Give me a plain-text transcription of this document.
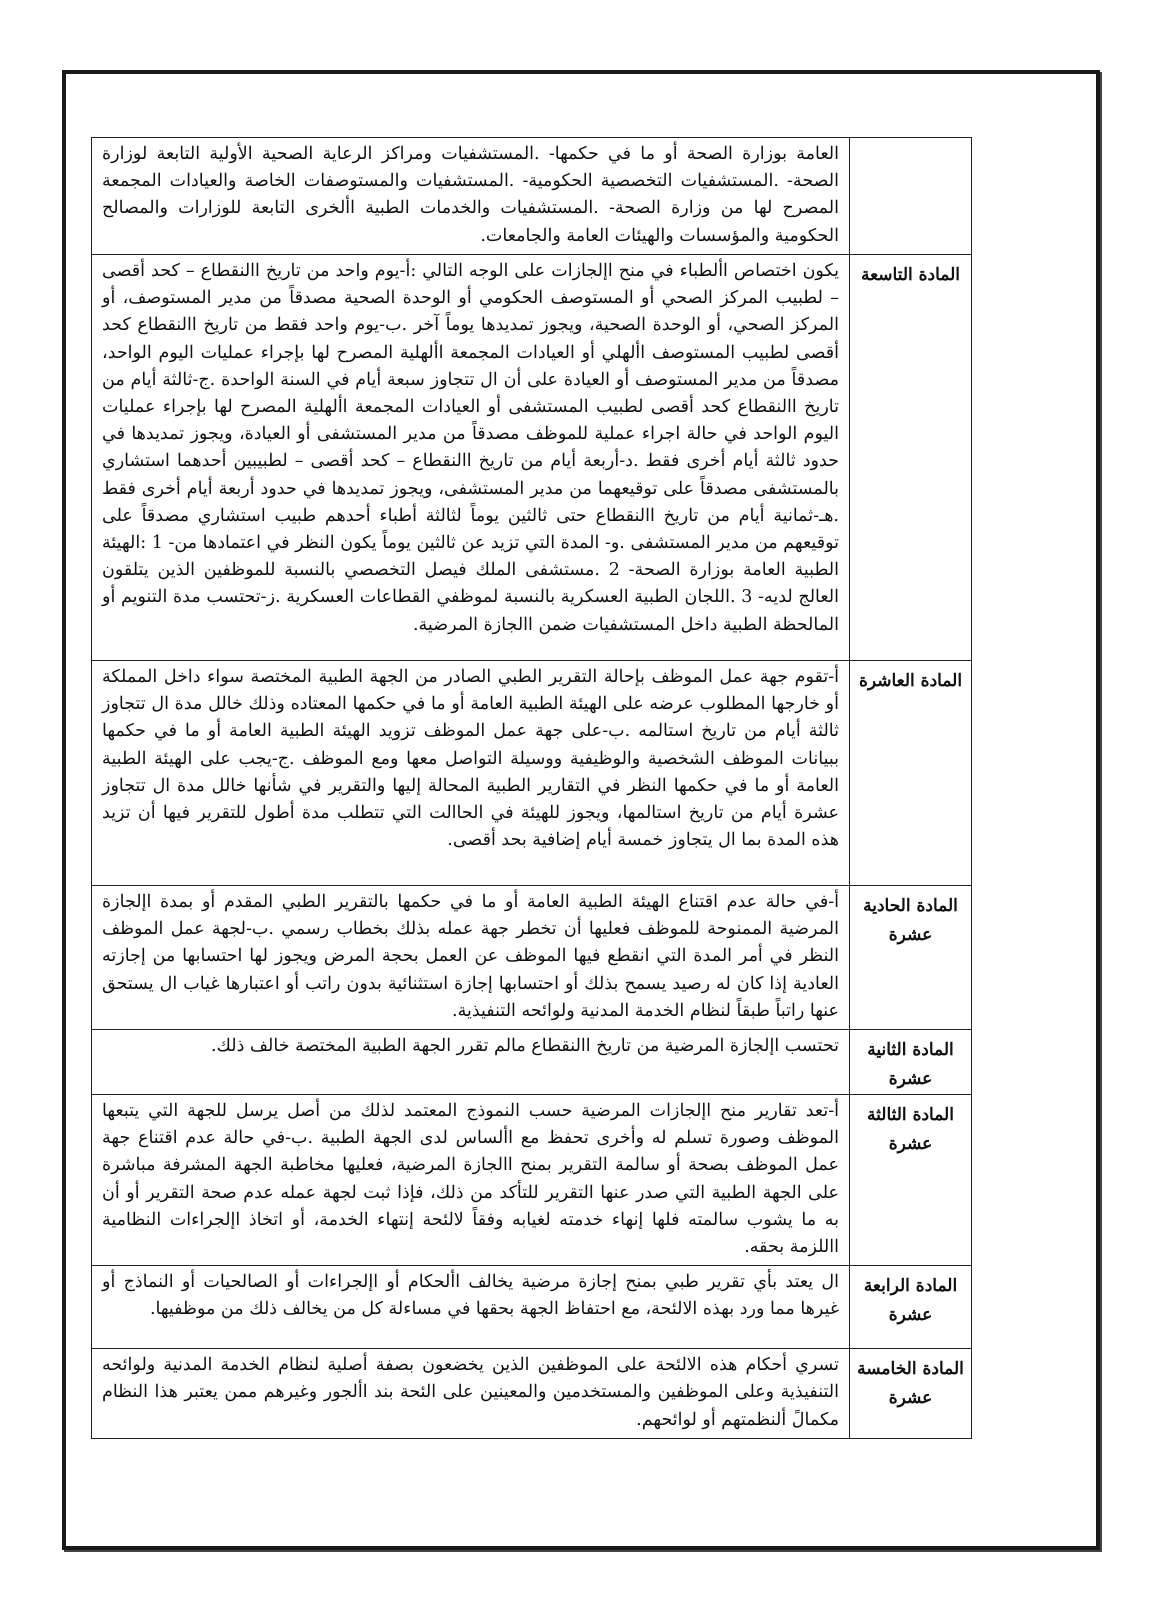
	العامة بوزارة الصحة أو ما في حكمها- .المستشفيات ومراكز الرعاية الصحية الأولية التابعة لوزارة الصحة- .المستشفيات التخصصية الحكومية- .المستشفيات والمستوصفات الخاصة والعيادات المجمعة المصرح لها من وزارة الصحة- .المستشفيات والخدمات الطبية األخرى التابعة للوزارات والمصالح الحكومية والمؤسسات والهيئات العامة والجامعات.
المادة التاسعة	يكون اختصاص األطباء في منح اإلجازات على الوجه التالي :أ-يوم واحد من تاريخ االنقطاع – كحد أقصى – لطبيب المركز الصحي أو المستوصف الحكومي أو الوحدة الصحية مصدقاً من مدير المستوصف، أو المركز الصحي، أو الوحدة الصحية، ويجوز تمديدها يوماً آخر .ب-يوم واحد فقط من تاريخ االنقطاع كحد أقصى لطبيب المستوصف األهلي أو العيادات المجمعة األهلية المصرح لها بإجراء عمليات اليوم الواحد، مصدقاً من مدير المستوصف أو العيادة على أن ال تتجاوز سبعة أيام في السنة الواحدة .ج-ثالثة أيام من تاريخ االنقطاع كحد أقصى لطبيب المستشفى أو العيادات المجمعة األهلية المصرح لها بإجراء عمليات اليوم الواحد في حالة اجراء عملية للموظف مصدقاً من مدير المستشفى أو العيادة، ويجوز تمديدها في حدود ثالثة أيام أخرى فقط .د-أربعة أيام من تاريخ االنقطاع – كحد أقصى – لطبيبين أحدهما استشاري بالمستشفى مصدقاً على توقيعهما من مدير المستشفى، ويجوز تمديدها في حدود أربعة أيام أخرى فقط .هـ-ثمانية أيام من تاريخ االنقطاع حتى ثالثين يوماً لثالثة أطباء أحدهم طبيب استشاري مصدقاً على توقيعهم من مدير المستشفى .و- المدة التي تزيد عن ثالثين يوماً يكون النظر في اعتمادها من- 1 :الهيئة الطبية العامة بوزارة الصحة- 2 .مستشفى الملك فيصل التخصصي بالنسبة للموظفين الذين يتلقون العالج لديه- 3 .اللجان الطبية العسكرية بالنسبة لموظفي القطاعات العسكرية .ز-تحتسب مدة التنويم أو المالحظة الطبية داخل المستشفيات ضمن االجازة المرضية.
المادة العاشرة	أ-تقوم جهة عمل الموظف بإحالة التقرير الطبي الصادر من الجهة الطبية المختصة سواء داخل المملكة أو خارجها المطلوب عرضه على الهيئة الطبية العامة أو ما في حكمها المعتاده وذلك خالل مدة ال تتجاوز ثالثة أيام من تاريخ استالمه .ب-على جهة عمل الموظف تزويد الهيئة الطبية العامة أو ما في حكمها ببيانات الموظف الشخصية والوظيفية ووسيلة التواصل معها ومع الموظف .ج-يجب على الهيئة الطبية العامة أو ما في حكمها النظر في التقارير الطبية المحالة إليها والتقرير في شأنها خالل مدة ال تتجاوز عشرة أيام من تاريخ استالمها، ويجوز للهيئة في الحاالت التي تتطلب مدة أطول للتقرير فيها أن تزيد هذه المدة بما ال يتجاوز خمسة أيام إضافية بحد أقصى.
المادة الحادية عشرة	أ-في حالة عدم اقتناع الهيئة الطبية العامة أو ما في حكمها بالتقرير الطبي المقدم أو بمدة اإلجازة المرضية الممنوحة للموظف فعليها أن تخطر جهة عمله بذلك بخطاب رسمي .ب-لجهة عمل الموظف النظر في أمر المدة التي انقطع فيها الموظف عن العمل بحجة المرض ويجوز لها احتسابها من إجازته العادية إذا كان له رصيد يسمح بذلك أو احتسابها إجازة استثنائية بدون راتب أو اعتبارها غياب ال يستحق عنها راتباً طبقاً لنظام الخدمة المدنية ولوائحه التنفيذية.
المادة الثانية عشرة	تحتسب اإلجازة المرضية من تاريخ االنقطاع مالم تقرر الجهة الطبية المختصة خالف ذلك.
المادة الثالثة عشرة	أ-تعد تقارير منح اإلجازات المرضية حسب النموذج المعتمد لذلك من أصل يرسل للجهة التي يتبعها الموظف وصورة تسلم له وأخرى تحفظ مع األساس لدى الجهة الطبية .ب-في حالة عدم اقتناع جهة عمل الموظف بصحة أو سالمة التقرير بمنح االجازة المرضية، فعليها مخاطبة الجهة المشرفة مباشرة على الجهة الطبية التي صدر عنها التقرير للتأكد من ذلك، فإذا ثبت لجهة عمله عدم صحة التقرير أو أن به ما يشوب سالمته فلها إنهاء خدمته لغيابه وفقاً لالئحة إنتهاء الخدمة، أو اتخاذ اإلجراءات النظامية االلزمة بحقه.
المادة الرابعة عشرة	ال يعتد بأي تقرير طبي بمنح إجازة مرضية يخالف األحكام أو اإلجراءات أو الصالحيات أو النماذج أو غيرها مما ورد بهذه الالئحة، مع احتفاظ الجهة بحقها في مساءلة كل من يخالف ذلك من موظفيها.
المادة الخامسة عشرة	تسري أحكام هذه الالئحة على الموظفين الذين يخضعون بصفة أصلية لنظام الخدمة المدنية ولوائحه التنفيذية وعلى الموظفين والمستخدمين والمعينين على الئحة بند األجور وغيرهم ممن يعتبر هذا النظام مكمالً ألنظمتهم أو لوائحهم.
